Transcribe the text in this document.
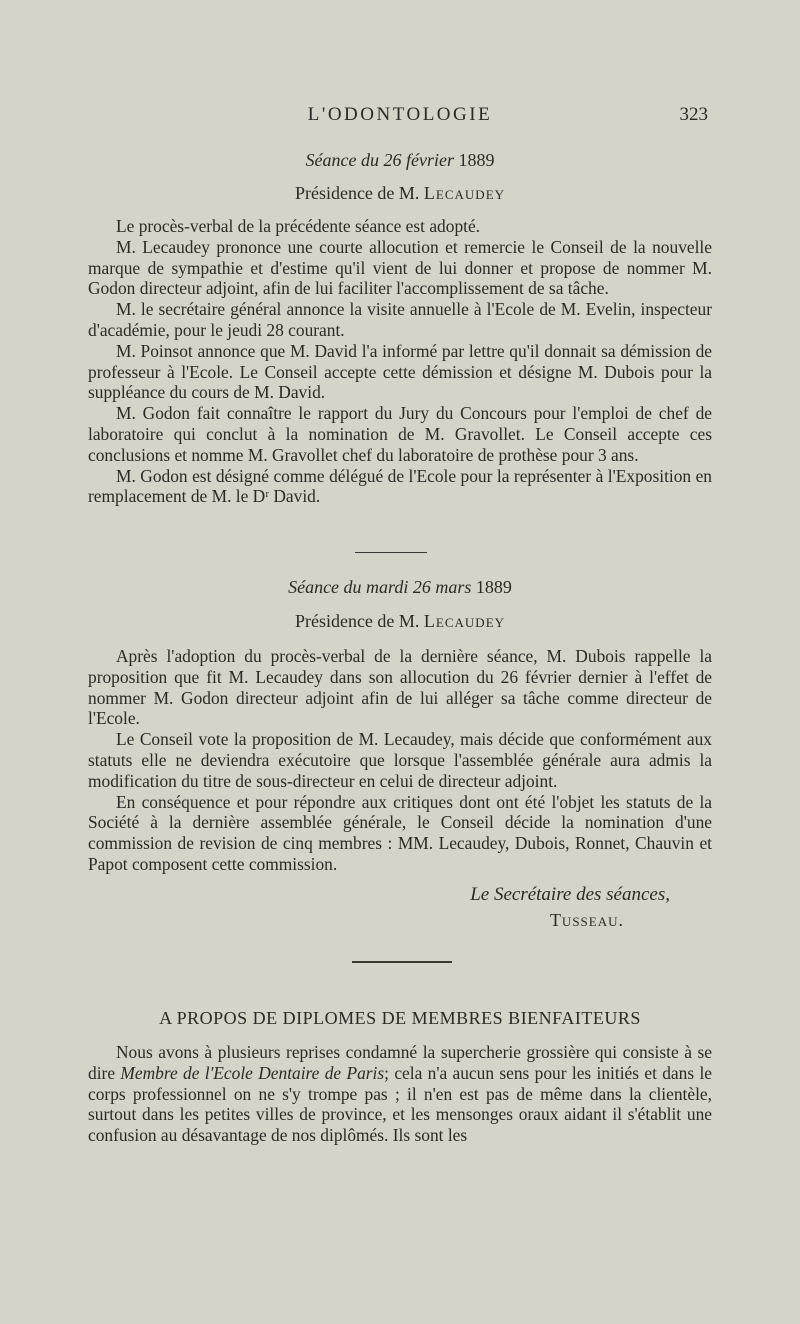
L'ODONTOLOGIE	323
Séance du 26 février 1889
Présidence de M. Lecaudey

Le procès-verbal de la précédente séance est adopté.

M. Lecaudey prononce une courte allocution et remercie le Conseil de la nouvelle marque de sympathie et d'estime qu'il vient de lui donner et propose de nommer M. Godon directeur adjoint, afin de lui faciliter l'accomplissement de sa tâche.

M. le secrétaire général annonce la visite annuelle à l'Ecole de M. Evelin, inspecteur d'académie, pour le jeudi 28 courant.

M. Poinsot annonce que M. David l'a informé par lettre qu'il donnait sa démission de professeur à l'Ecole. Le Conseil accepte cette démission et désigne M. Dubois pour la suppléance du cours de M. David.

M. Godon fait connaître le rapport du Jury du Concours pour l'emploi de chef de laboratoire qui conclut à la nomination de M. Gravollet. Le Conseil accepte ces conclusions et nomme M. Gravollet chef du laboratoire de prothèse pour 3 ans.

M. Godon est désigné comme délégué de l'Ecole pour la représenter à l'Exposition en remplacement de M. le Dʳ David.

Séance du mardi 26 mars 1889
Présidence de M. Lecaudey

Après l'adoption du procès-verbal de la dernière séance, M. Dubois rappelle la proposition que fit M. Lecaudey dans son allocution du 26 février dernier à l'effet de nommer M. Godon directeur adjoint afin de lui alléger sa tâche comme directeur de l'Ecole.

Le Conseil vote la proposition de M. Lecaudey, mais décide que conformément aux statuts elle ne deviendra exécutoire que lorsque l'assemblée générale aura admis la modification du titre de sous-directeur en celui de directeur adjoint.

En conséquence et pour répondre aux critiques dont ont été l'objet les statuts de la Société à la dernière assemblée générale, le Conseil décide la nomination d'une commission de revision de cinq membres : MM. Lecaudey, Dubois, Ronnet, Chauvin et Papot composent cette commission.

Le Secrétaire des séances,
Tusseau.
A PROPOS DE DIPLOMES DE MEMBRES BIENFAITEURS

Nous avons à plusieurs reprises condamné la supercherie grossière qui consiste à se dire Membre de l'Ecole Dentaire de Paris; cela n'a aucun sens pour les initiés et dans le corps professionnel on ne s'y trompe pas ; il n'en est pas de même dans la clientèle, surtout dans les petites villes de province, et les mensonges oraux aidant il s'établit une confusion au désavantage de nos diplômés. Ils sont les
